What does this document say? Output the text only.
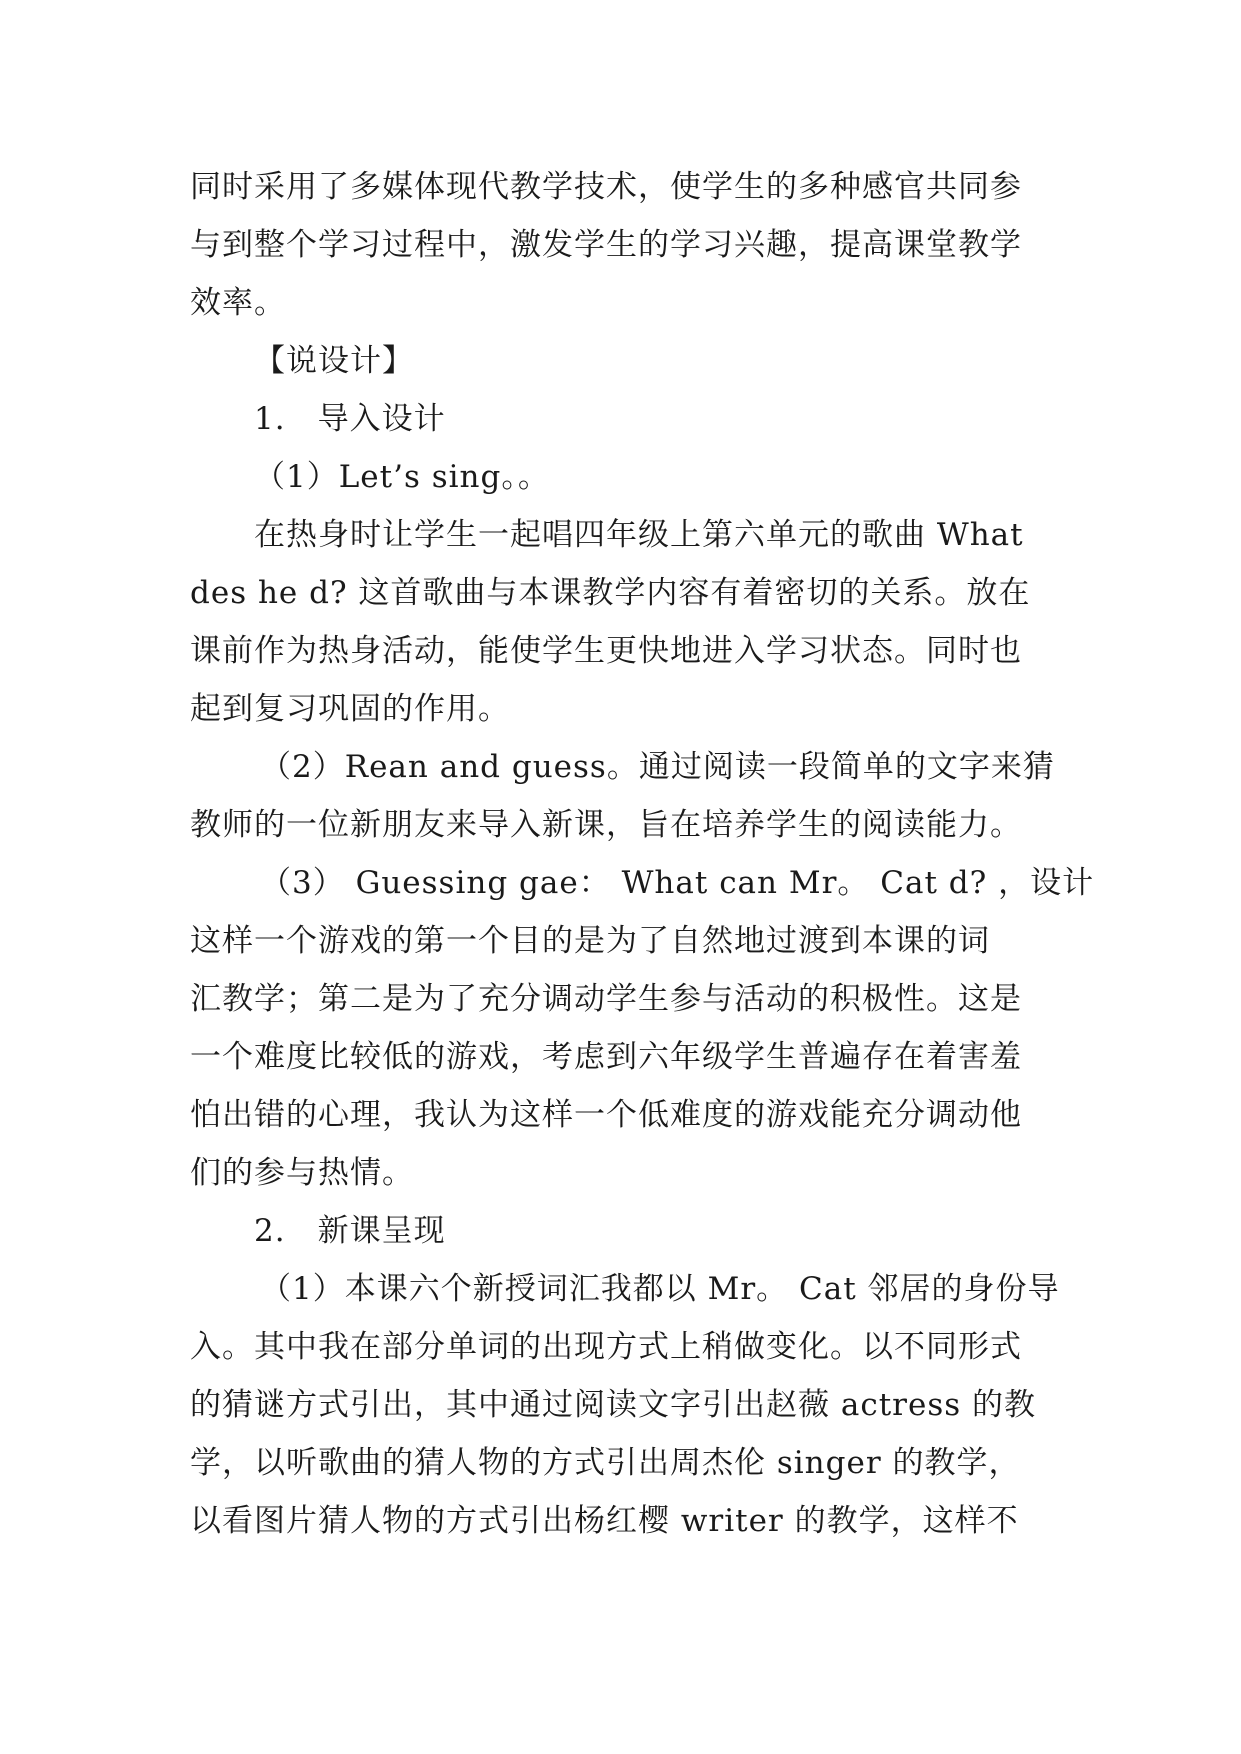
同时采用了多媒体现代教学技术，使学生的多种感官共同参
与到整个学习过程中，激发学生的学习兴趣，提高课堂教学
效率。
【说设计】
1.　导入设计
（1）Let’s sing。。
在热身时让学生一起唱四年级上第六单元的歌曲 What
des he d? 这首歌曲与本课教学内容有着密切的关系。放在
课前作为热身活动，能使学生更快地进入学习状态。同时也
起到复习巩固的作用。
（2）Rean and guess。通过阅读一段简单的文字来猜
教师的一位新朋友来导入新课，旨在培养学生的阅读能力。
（3） Guessing gae： What can Mr。 Cat d? ，设计
这样一个游戏的第一个目的是为了自然地过渡到本课的词
汇教学；第二是为了充分调动学生参与活动的积极性。这是
一个难度比较低的游戏，考虑到六年级学生普遍存在着害羞
怕出错的心理，我认为这样一个低难度的游戏能充分调动他
们的参与热情。
2.　新课呈现
（1）本课六个新授词汇我都以 Mr。 Cat 邻居的身份导
入。其中我在部分单词的出现方式上稍做变化。以不同形式
的猜谜方式引出，其中通过阅读文字引出赵薇 actress 的教
学，以听歌曲的猜人物的方式引出周杰伦 singer 的教学，
以看图片猜人物的方式引出杨红樱 writer 的教学，这样不
